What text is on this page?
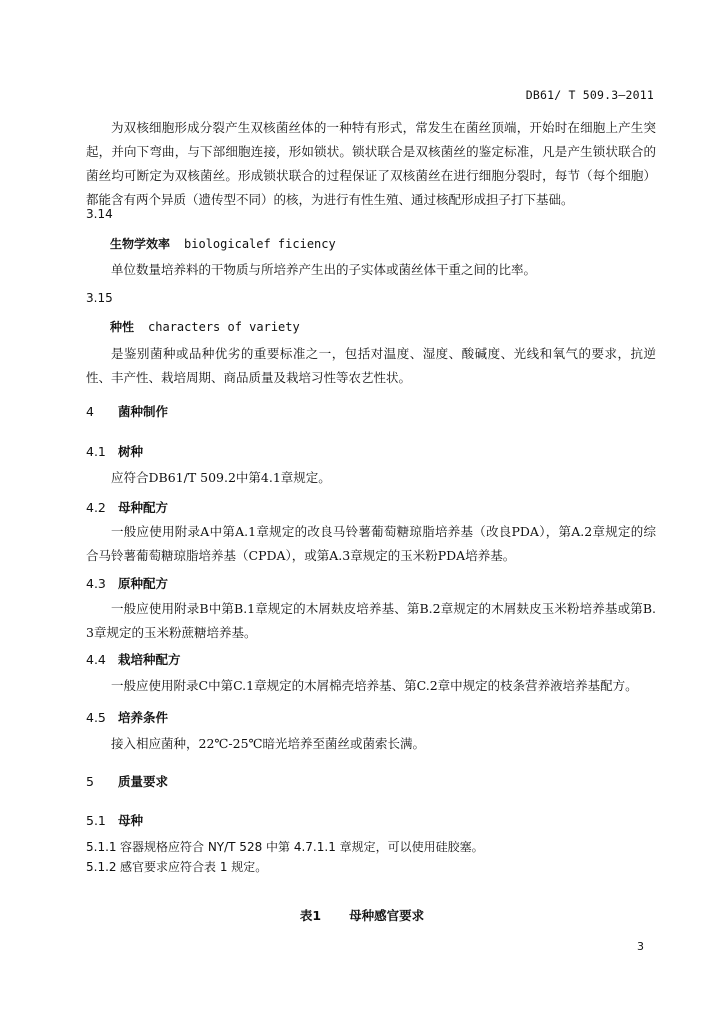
DB61/ T 509.3—2011

为双核细胞形成分裂产生双核菌丝体的一种特有形式，常发生在菌丝顶端，开始时在细胞上产生突起，并向下弯曲，与下部细胞连接，形如锁状。锁状联合是双核菌丝的鉴定标准，凡是产生锁状联合的菌丝均可断定为双核菌丝。形成锁状联合的过程保证了双核菌丝在进行细胞分裂时，每节（每个细胞）都能含有两个异质（遗传型不同）的核，为进行有性生殖、通过核配形成担子打下基础。

3.14

生物学效率 biologicalef ficiency

单位数量培养料的干物质与所培养产生出的子实体或菌丝体干重之间的比率。

3.15

种性 characters of variety

是鉴别菌种或品种优劣的重要标准之一，包括对温度、湿度、酸碱度、光线和氧气的要求，抗逆性、丰产性、栽培周期、商品质量及栽培习性等农艺性状。

4 菌种制作

4.1 树种

应符合DB61/T 509.2中第4.1章规定。

4.2 母种配方

一般应使用附录A中第A.1章规定的改良马铃薯葡萄糖琼脂培养基（改良PDA），第A.2章规定的综合马铃薯葡萄糖琼脂培养基（CPDA），或第A.3章规定的玉米粉PDA培养基。

4.3 原种配方

一般应使用附录B中第B.1章规定的木屑麸皮培养基、第B.2章规定的木屑麸皮玉米粉培养基或第B.3章规定的玉米粉蔗糖培养基。

4.4 栽培种配方

一般应使用附录C中第C.1章规定的木屑棉壳培养基、第C.2章中规定的枝条营养液培养基配方。

4.5 培养条件

接入相应菌种，22℃-25℃暗光培养至菌丝或菌索长满。

5 质量要求

5.1 母种

5.1.1 容器规格应符合 NY/T 528 中第 4.7.1.1 章规定，可以使用硅胶塞。

5.1.2 感官要求应符合表 1 规定。

表1 母种感官要求
3
